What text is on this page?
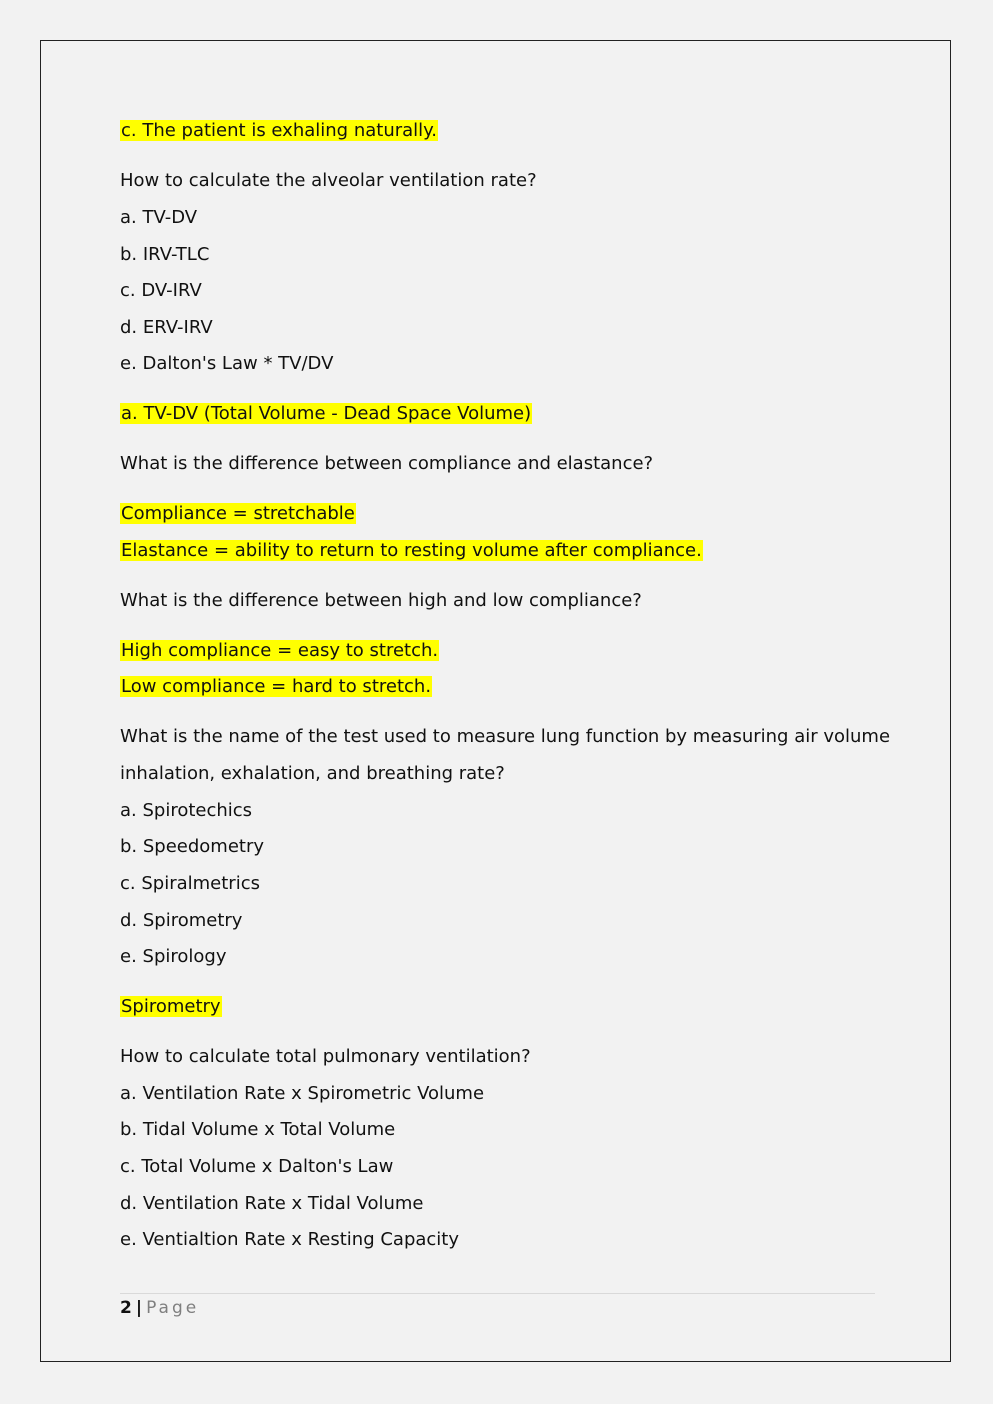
c. The patient is exhaling naturally.
How to calculate the alveolar ventilation rate?
a. TV-DV
b. IRV-TLC
c. DV-IRV
d. ERV-IRV
e. Dalton's Law * TV/DV
a. TV-DV (Total Volume - Dead Space Volume)
What is the difference between compliance and elastance?
Compliance = stretchable
Elastance = ability to return to resting volume after compliance.
What is the difference between high and low compliance?
High compliance = easy to stretch.
Low compliance = hard to stretch.
What is the name of the test used to measure lung function by measuring air volume
inhalation, exhalation, and breathing rate?
a. Spirotechics
b. Speedometry
c. Spiralmetrics
d. Spirometry
e. Spirology
Spirometry
How to calculate total pulmonary ventilation?
a. Ventilation Rate x Spirometric Volume
b. Tidal Volume x Total Volume
c. Total Volume x Dalton's Law
d. Ventilation Rate x Tidal Volume
e. Ventialtion Rate x Resting Capacity
2 | Page
